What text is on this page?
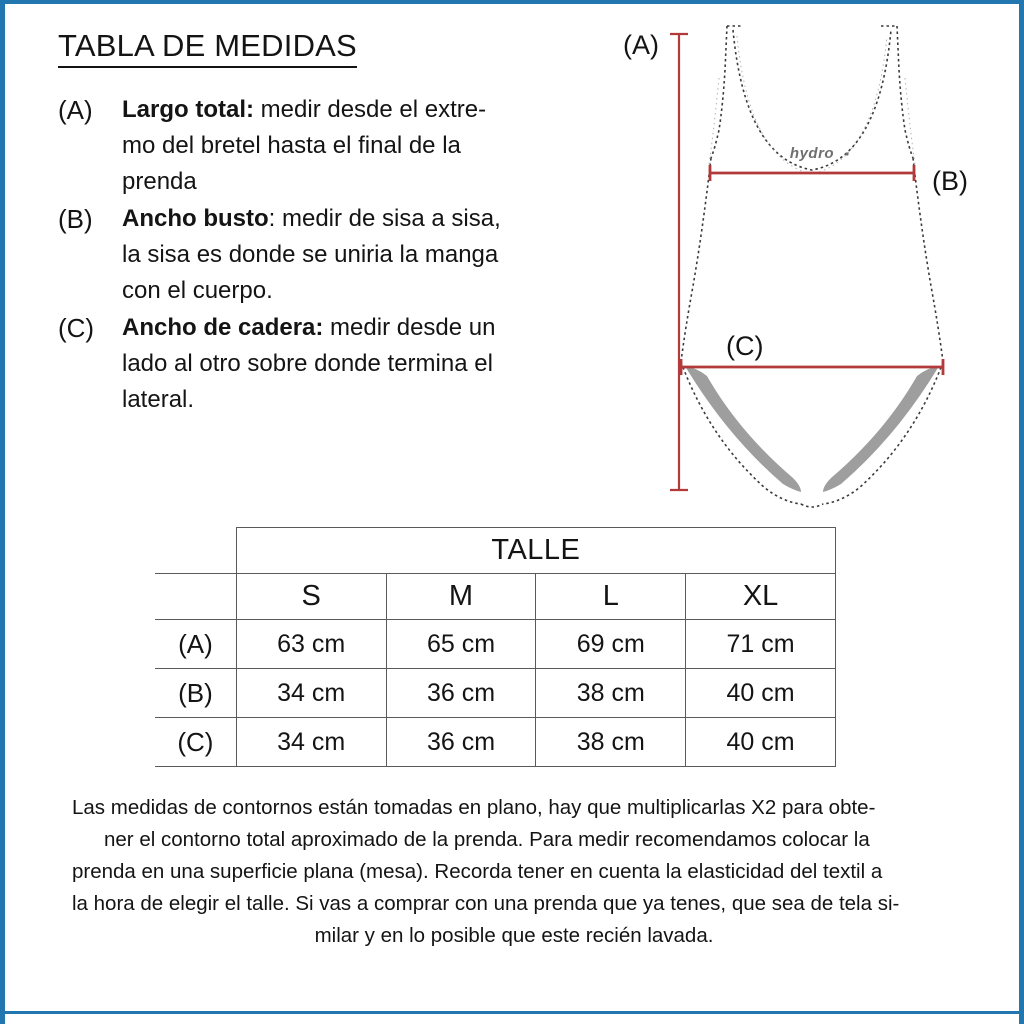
TABLA DE MEDIDAS
(A)	Largo total: medir desde el extre-
mo del bretel hasta el final de la
prenda
(B)	Ancho busto: medir de sisa a sisa,
la sisa es donde se uniria la manga
con el cuerpo.
(C)	Ancho de cadera: medir desde un
lado al otro sobre donde termina el
lateral.
hydro
(A)
(B)
(C)
	TALLE			
	S	M	L	XL
(A)	63 cm	65 cm	69 cm	71 cm
(B)	34 cm	36 cm	38 cm	40 cm
(C)	34 cm	36 cm	38 cm	40 cm
Las medidas de contornos están tomadas en plano, hay que multiplicarlas X2 para obte-
ner el contorno total aproximado de la prenda. Para medir recomendamos colocar la
prenda en una superficie plana (mesa). Recorda tener en cuenta la elasticidad del textil a
la hora de elegir el talle. Si vas a comprar con una prenda que ya tenes, que sea de tela si-
milar y en lo posible que este recién lavada.
